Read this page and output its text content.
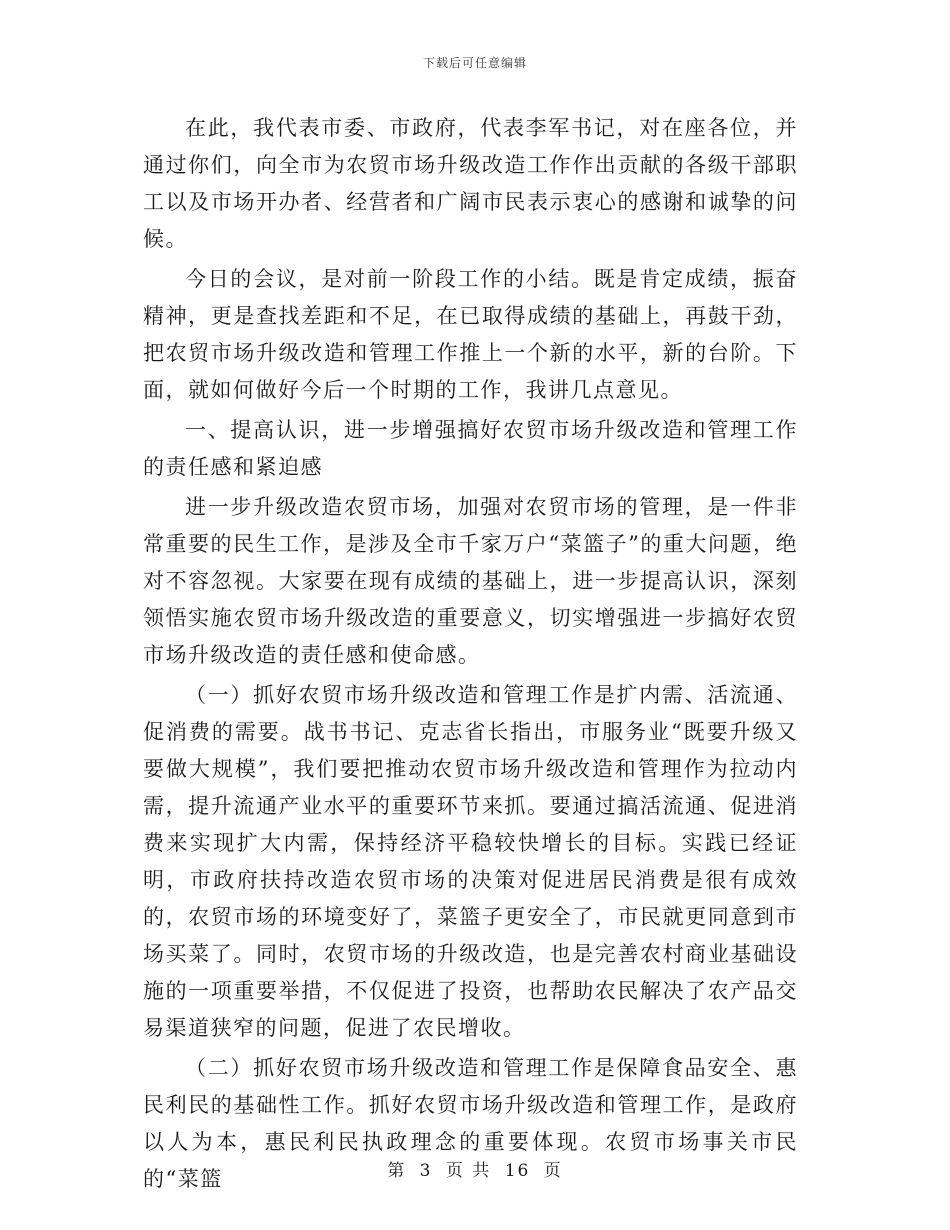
下载后可任意编辑

在此，我代表市委、市政府，代表李军书记，对在座各位，并通过你们，向全市为农贸市场升级改造工作作出贡献的各级干部职工以及市场开办者、经营者和广阔市民表示衷心的感谢和诚挚的问候。

今日的会议，是对前一阶段工作的小结。既是肯定成绩，振奋精神，更是查找差距和不足，在已取得成绩的基础上，再鼓干劲，把农贸市场升级改造和管理工作推上一个新的水平，新的台阶。下面，就如何做好今后一个时期的工作，我讲几点意见。

一、提高认识，进一步增强搞好农贸市场升级改造和管理工作的责任感和紧迫感

进一步升级改造农贸市场，加强对农贸市场的管理，是一件非常重要的民生工作，是涉及全市千家万户“菜篮子”的重大问题，绝对不容忽视。大家要在现有成绩的基础上，进一步提高认识，深刻领悟实施农贸市场升级改造的重要意义，切实增强进一步搞好农贸市场升级改造的责任感和使命感。

（一）抓好农贸市场升级改造和管理工作是扩内需、活流通、促消费的需要。战书书记、克志省长指出，市服务业“既要升级又要做大规模”，我们要把推动农贸市场升级改造和管理作为拉动内需，提升流通产业水平的重要环节来抓。要通过搞活流通、促进消费来实现扩大内需，保持经济平稳较快增长的目标。实践已经证明，市政府扶持改造农贸市场的决策对促进居民消费是很有成效的，农贸市场的环境变好了，菜篮子更安全了，市民就更同意到市场买菜了。同时，农贸市场的升级改造，也是完善农村商业基础设施的一项重要举措，不仅促进了投资，也帮助农民解决了农产品交易渠道狭窄的问题，促进了农民增收。

（二）抓好农贸市场升级改造和管理工作是保障食品安全、惠民利民的基础性工作。抓好农贸市场升级改造和管理工作，是政府以人为本，惠民利民执政理念的重要体现。农贸市场事关市民的“菜篮	第 3 页 共 16 页
